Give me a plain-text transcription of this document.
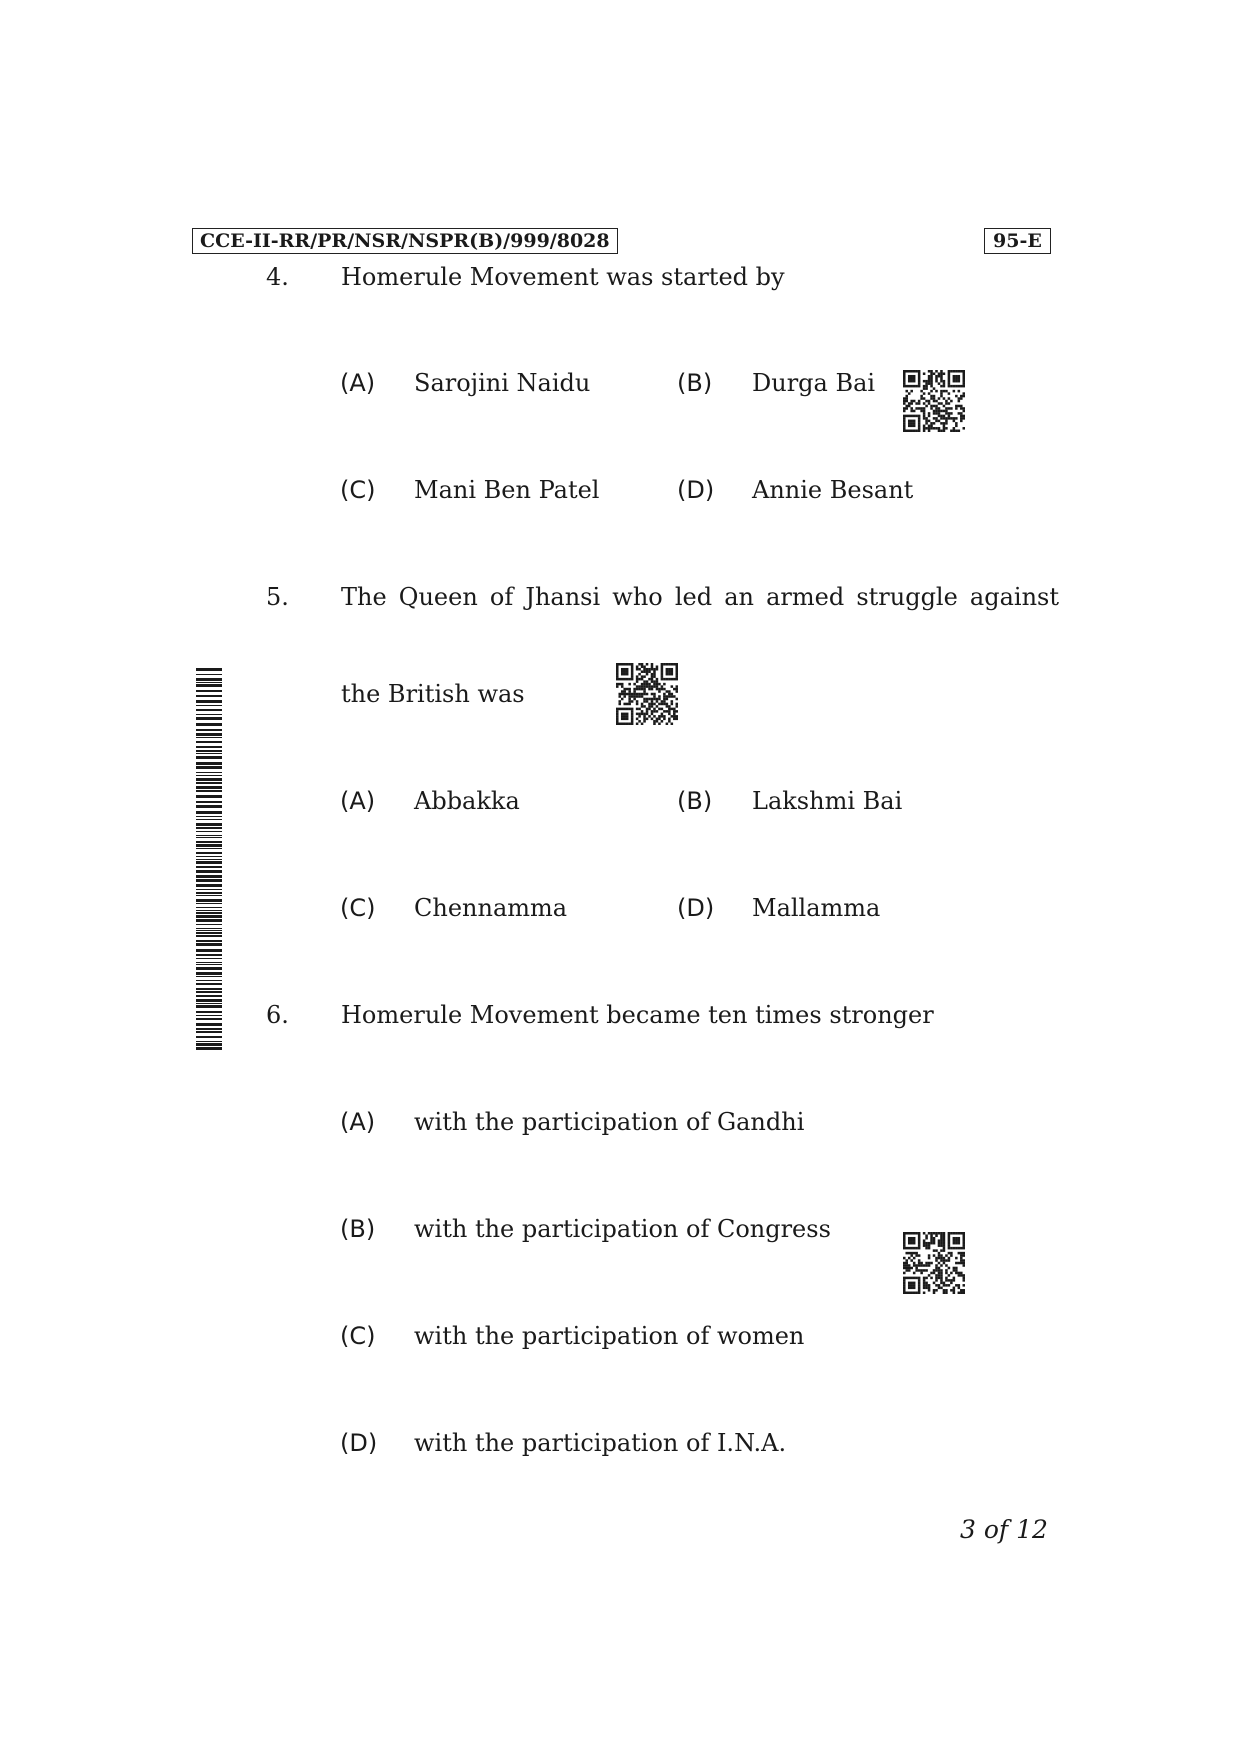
CCE-II-RR/PR/NSR/NSPR(B)/999/8028	95-E
4. Homerule Movement was started by
(A) Sarojini Naidu	(B) Durga Bai
(C) Mani Ben Patel	(D) Annie Besant
5. The Queen of Jhansi who led an armed struggle against
the British was
(A) Abbakka	(B) Lakshmi Bai
(C) Chennamma	(D) Mallamma
6. Homerule Movement became ten times stronger
(A) with the participation of Gandhi
(B) with the participation of Congress
(C) with the participation of women
(D) with the participation of I.N.A.
3 of 12
